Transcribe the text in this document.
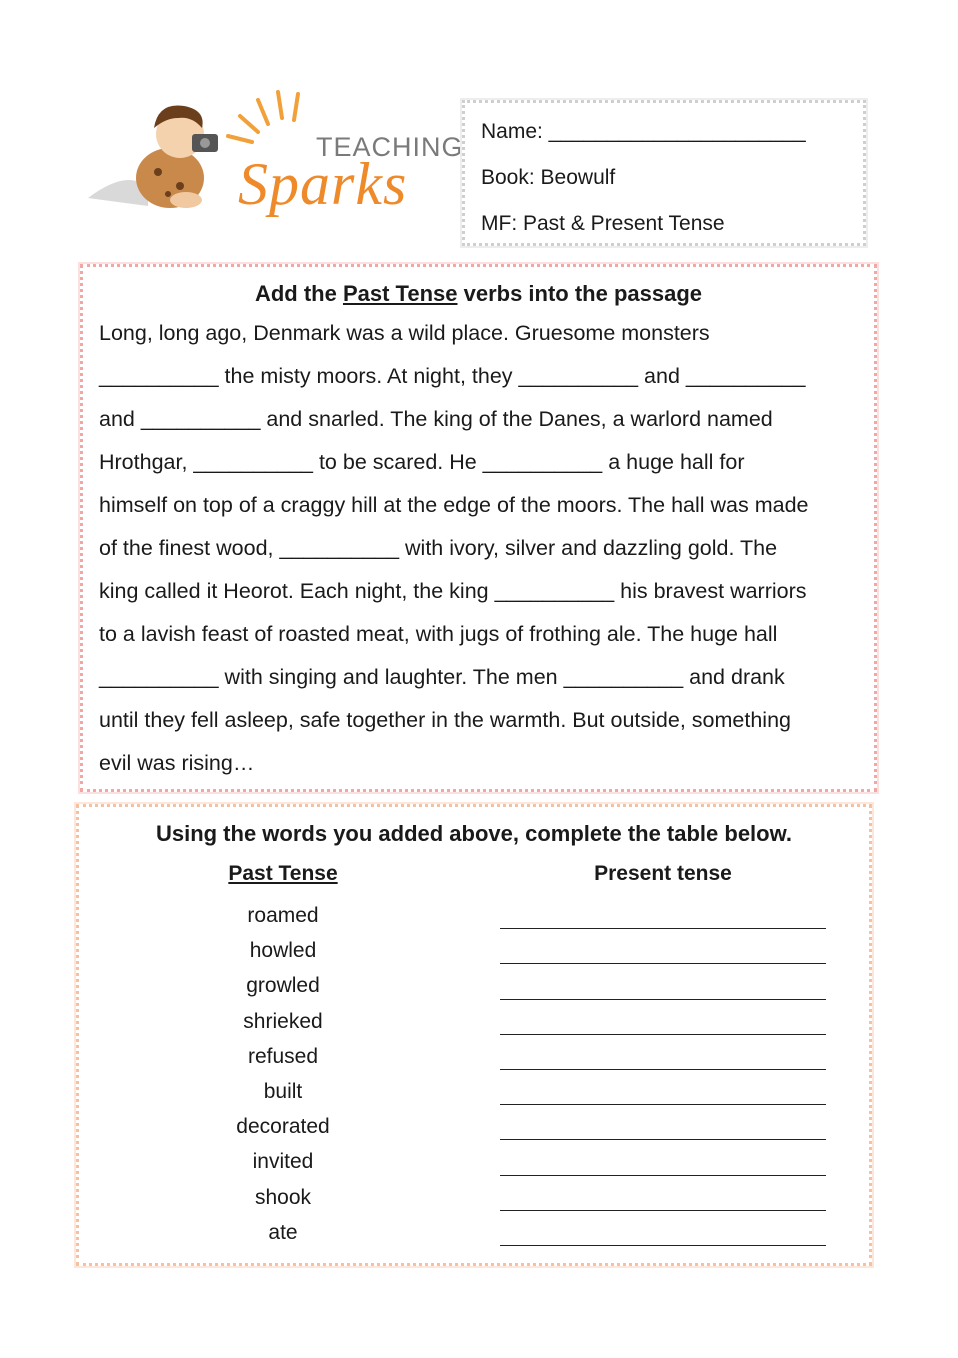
TEACHING
Sparks
Name: ______________________
Book: Beowulf
MF: Past & Present Tense
Add the Past Tense verbs into the passage
Long, long ago, Denmark was a wild place. Gruesome monsters
__________ the misty moors. At night, they __________ and __________
and __________ and snarled. The king of the Danes, a warlord named
Hrothgar, __________ to be scared. He __________ a huge hall for
himself on top of a craggy hill at the edge of the moors. The hall was made
of the finest wood, __________ with ivory, silver and dazzling gold. The
king called it Heorot. Each night, the king __________ his bravest warriors
to a lavish feast of roasted meat, with jugs of frothing ale. The huge hall
__________ with singing and laughter. The men __________ and drank
until they fell asleep, safe together in the warmth. But outside, something
evil was rising…
Using the words you added above, complete the table below.
Past Tense	Present tense
roamed
howled
growled
shrieked
refused
built
decorated
invited
shook
ate
